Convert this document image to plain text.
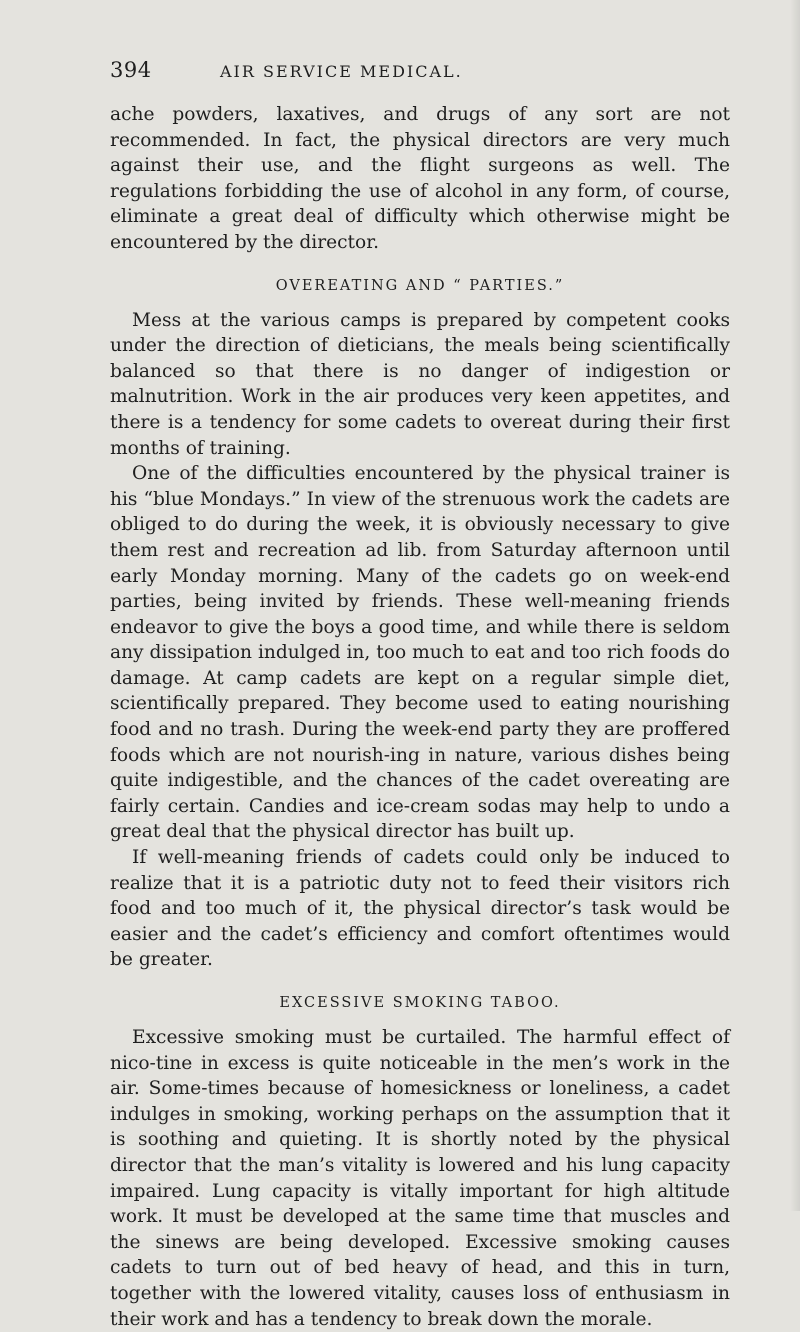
394	AIR SERVICE MEDICAL.

ache powders, laxatives, and drugs of any sort are not recommended. In fact, the physical directors are very much against their use, and the flight surgeons as well. The regulations forbidding the use of alcohol in any form, of course, eliminate a great deal of difficulty which otherwise might be encountered by the director.

OVEREATING AND “ PARTIES.”

Mess at the various camps is prepared by competent cooks under the direction of dieticians, the meals being scientifically balanced so that there is no danger of indigestion or malnutrition. Work in the air produces very keen appetites, and there is a tendency for some cadets to overeat during their first months of training.

One of the difficulties encountered by the physical trainer is his “blue Mondays.” In view of the strenuous work the cadets are obliged to do during the week, it is obviously necessary to give them rest and recreation ad lib. from Saturday afternoon until early Monday morning. Many of the cadets go on week-end parties, being invited by friends. These well-meaning friends endeavor to give the boys a good time, and while there is seldom any dissipation indulged in, too much to eat and too rich foods do damage. At camp cadets are kept on a regular simple diet, scientifically prepared. They become used to eating nourishing food and no trash. During the week-end party they are proffered foods which are not nourish-ing in nature, various dishes being quite indigestible, and the chances of the cadet overeating are fairly certain. Candies and ice-cream sodas may help to undo a great deal that the physical director has built up.

If well-meaning friends of cadets could only be induced to realize that it is a patriotic duty not to feed their visitors rich food and too much of it, the physical director’s task would be easier and the cadet’s efficiency and comfort oftentimes would be greater.

EXCESSIVE SMOKING TABOO.

Excessive smoking must be curtailed. The harmful effect of nico-tine in excess is quite noticeable in the men’s work in the air. Some-times because of homesickness or loneliness, a cadet indulges in smoking, working perhaps on the assumption that it is soothing and quieting. It is shortly noted by the physical director that the man’s vitality is lowered and his lung capacity impaired. Lung capacity is vitally important for high altitude work. It must be developed at the same time that muscles and the sinews are being developed. Excessive smoking causes cadets to turn out of bed heavy of head, and this in turn, together with the lowered vitality, causes loss of enthusiasm in their work and has a tendency to break down the morale.
